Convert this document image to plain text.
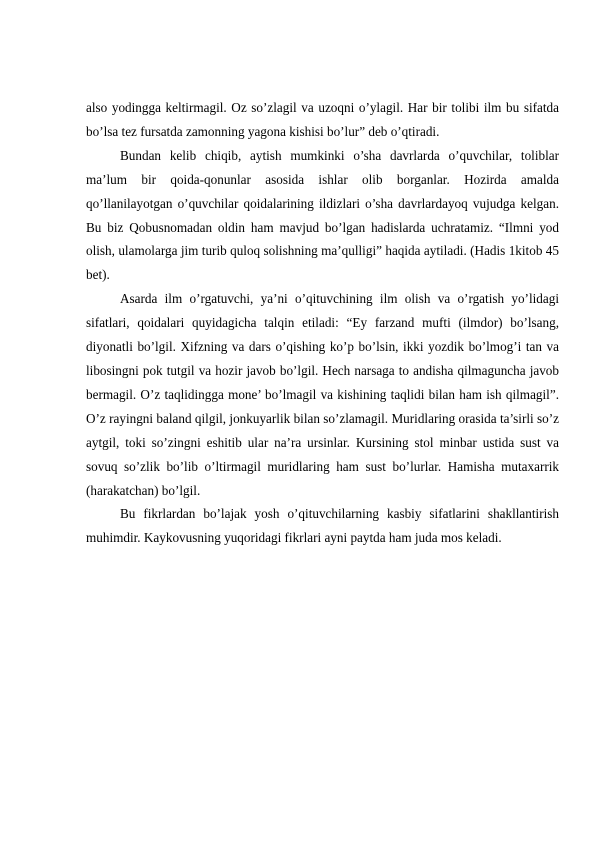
also yodingga keltirmagil. Oz so’zlagil va uzoqni o’ylagil. Har bir tolibi ilm bu sifatda bo’lsa tez fursatda zamonning yagona kishisi bo’lur” deb o’qtiradi.

Bundan kelib chiqib, aytish mumkinki o’sha davrlarda o’quvchilar, toliblar ma’lum bir qoida-qonunlar asosida ishlar olib borganlar. Hozirda amalda qo’llanilayotgan o’quvchilar qoidalarining ildizlari o’sha davrlardayoq vujudga kelgan. Bu biz Qobusnomadan oldin ham mavjud bo’lgan hadislarda uchratamiz. “Ilmni yod olish, ulamolarga jim turib quloq solishning ma’qulligi” haqida aytiladi. (Hadis 1kitob 45 bet).

Asarda ilm o’rgatuvchi, ya’ni o’qituvchining ilm olish va o’rgatish yo’lidagi sifatlari, qoidalari quyidagicha talqin etiladi: “Ey farzand mufti (ilmdor) bo’lsang, diyonatli bo’lgil. Xifzning va dars o’qishing ko’p bo’lsin, ikki yozdik bo’lmog’i tan va libosingni pok tutgil va hozir javob bo’lgil. Hech narsaga to andisha qilmaguncha javob bermagil. O’z taqlidingga mone’ bo’lmagil va kishining taqlidi bilan ham ish qilmagil”. O’z rayingni baland qilgil, jonkuyarlik bilan so’zlamagil. Muridlaring orasida ta’sirli so’z aytgil, toki so’zingni eshitib ular na’ra ursinlar. Kursining stol minbar ustida sust va sovuq so’zlik bo’lib o’ltirmagil muridlaring ham sust bo’lurlar. Hamisha mutaxarrik (harakatchan) bo’lgil.

Bu fikrlardan bo’lajak yosh o’qituvchilarning kasbiy sifatlarini shakllantirish muhimdir. Kaykovusning yuqoridagi fikrlari ayni paytda ham juda mos keladi.
